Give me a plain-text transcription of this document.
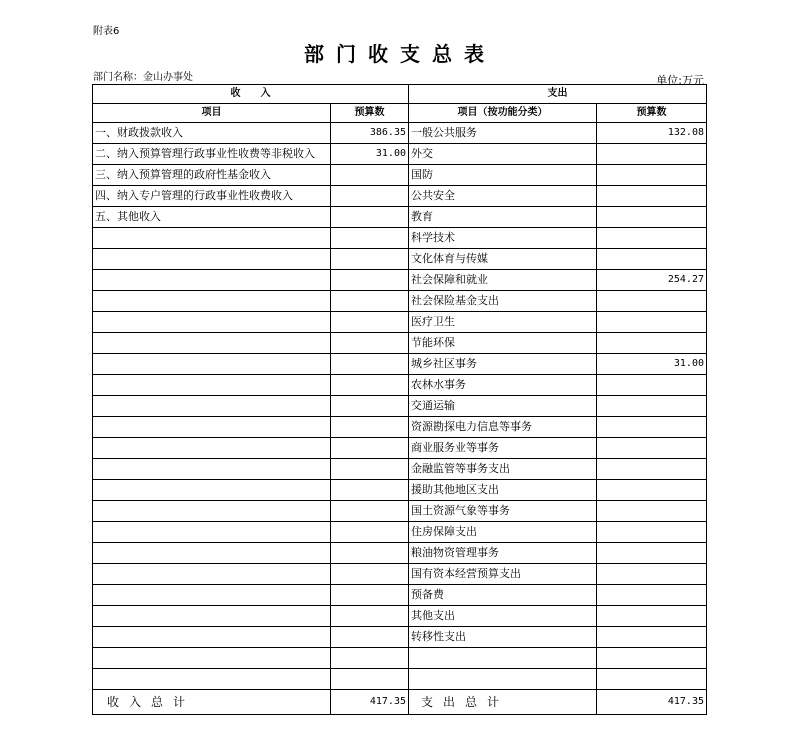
附表6
部门收支总表
部门名称：金山办事处	单位:万元
收　　入		支出	
项目	预算数	项目（按功能分类）	预算数
一、财政拨款收入	386.35	一般公共服务	132.08
二、纳入预算管理行政事业性收费等非税收入	31.00	外交	
三、纳入预算管理的政府性基金收入		国防	
四、纳入专户管理的行政事业性收费收入		公共安全	
五、其他收入		教育	
		科学技术	
		文化体育与传媒	
		社会保障和就业	254.27
		社会保险基金支出	
		医疗卫生	
		节能环保	
		城乡社区事务	31.00
		农林水事务	
		交通运输	
		资源勘探电力信息等事务	
		商业服务业等事务	
		金融监管等事务支出	
		援助其他地区支出	
		国土资源气象等事务	
		住房保障支出	
		粮油物资管理事务	
		国有资本经营预算支出	
		预备费	
		其他支出	
		转移性支出	

收入总计	417.35	支出总计	417.35
